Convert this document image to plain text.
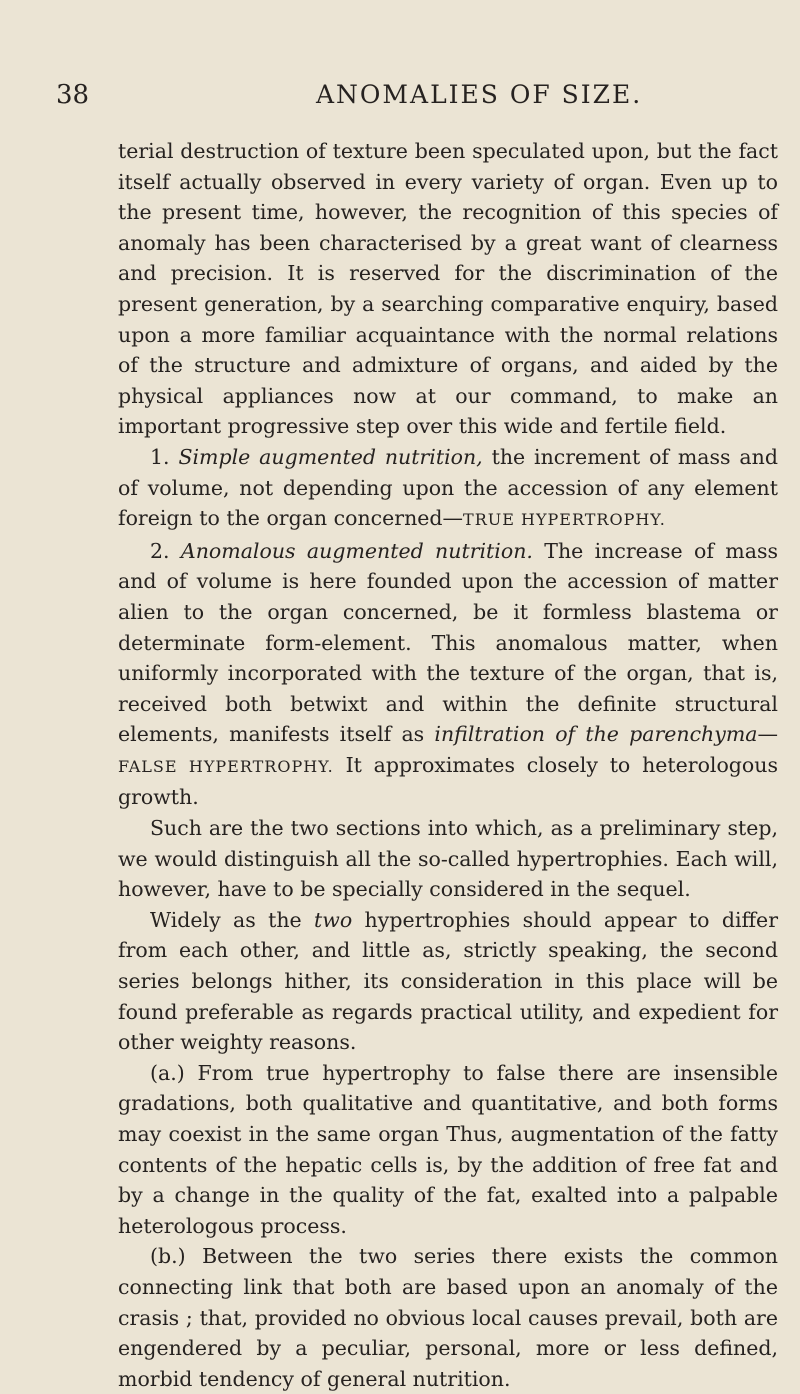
38	ANOMALIES OF SIZE.

terial destruction of texture been speculated upon, but the fact itself actually observed in every variety of organ. Even up to the present time, however, the recognition of this species of anomaly has been characterised by a great want of clearness and precision. It is reserved for the discrimination of the present generation, by a searching comparative enquiry, based upon a more familiar acquaintance with the normal relations of the structure and admixture of organs, and aided by the physical appliances now at our command, to make an important progressive step over this wide and fertile field.

1. Simple augmented nutrition, the increment of mass and of volume, not depending upon the accession of any element foreign to the organ concerned—TRUE HYPERTROPHY.

2. Anomalous augmented nutrition. The increase of mass and of volume is here founded upon the accession of matter alien to the organ concerned, be it formless blastema or determinate form-element. This anomalous matter, when uniformly incorporated with the texture of the organ, that is, received both betwixt and within the definite structural elements, manifests itself as infiltration of the parenchyma—FALSE HYPERTROPHY. It approximates closely to heterologous growth.

Such are the two sections into which, as a preliminary step, we would distinguish all the so-called hypertrophies. Each will, however, have to be specially considered in the sequel.

Widely as the two hypertrophies should appear to differ from each other, and little as, strictly speaking, the second series belongs hither, its consideration in this place will be found preferable as regards practical utility, and expedient for other weighty reasons.

(a.) From true hypertrophy to false there are insensible gradations, both qualitative and quantitative, and both forms may coexist in the same organ Thus, augmentation of the fatty contents of the hepatic cells is, by the addition of free fat and by a change in the quality of the fat, exalted into a palpable heterologous process.

(b.) Between the two series there exists the common connecting link that both are based upon an anomaly of the crasis ; that, provided no obvious local causes prevail, both are engendered by a peculiar, personal, more or less defined, morbid tendency of general nutrition.
